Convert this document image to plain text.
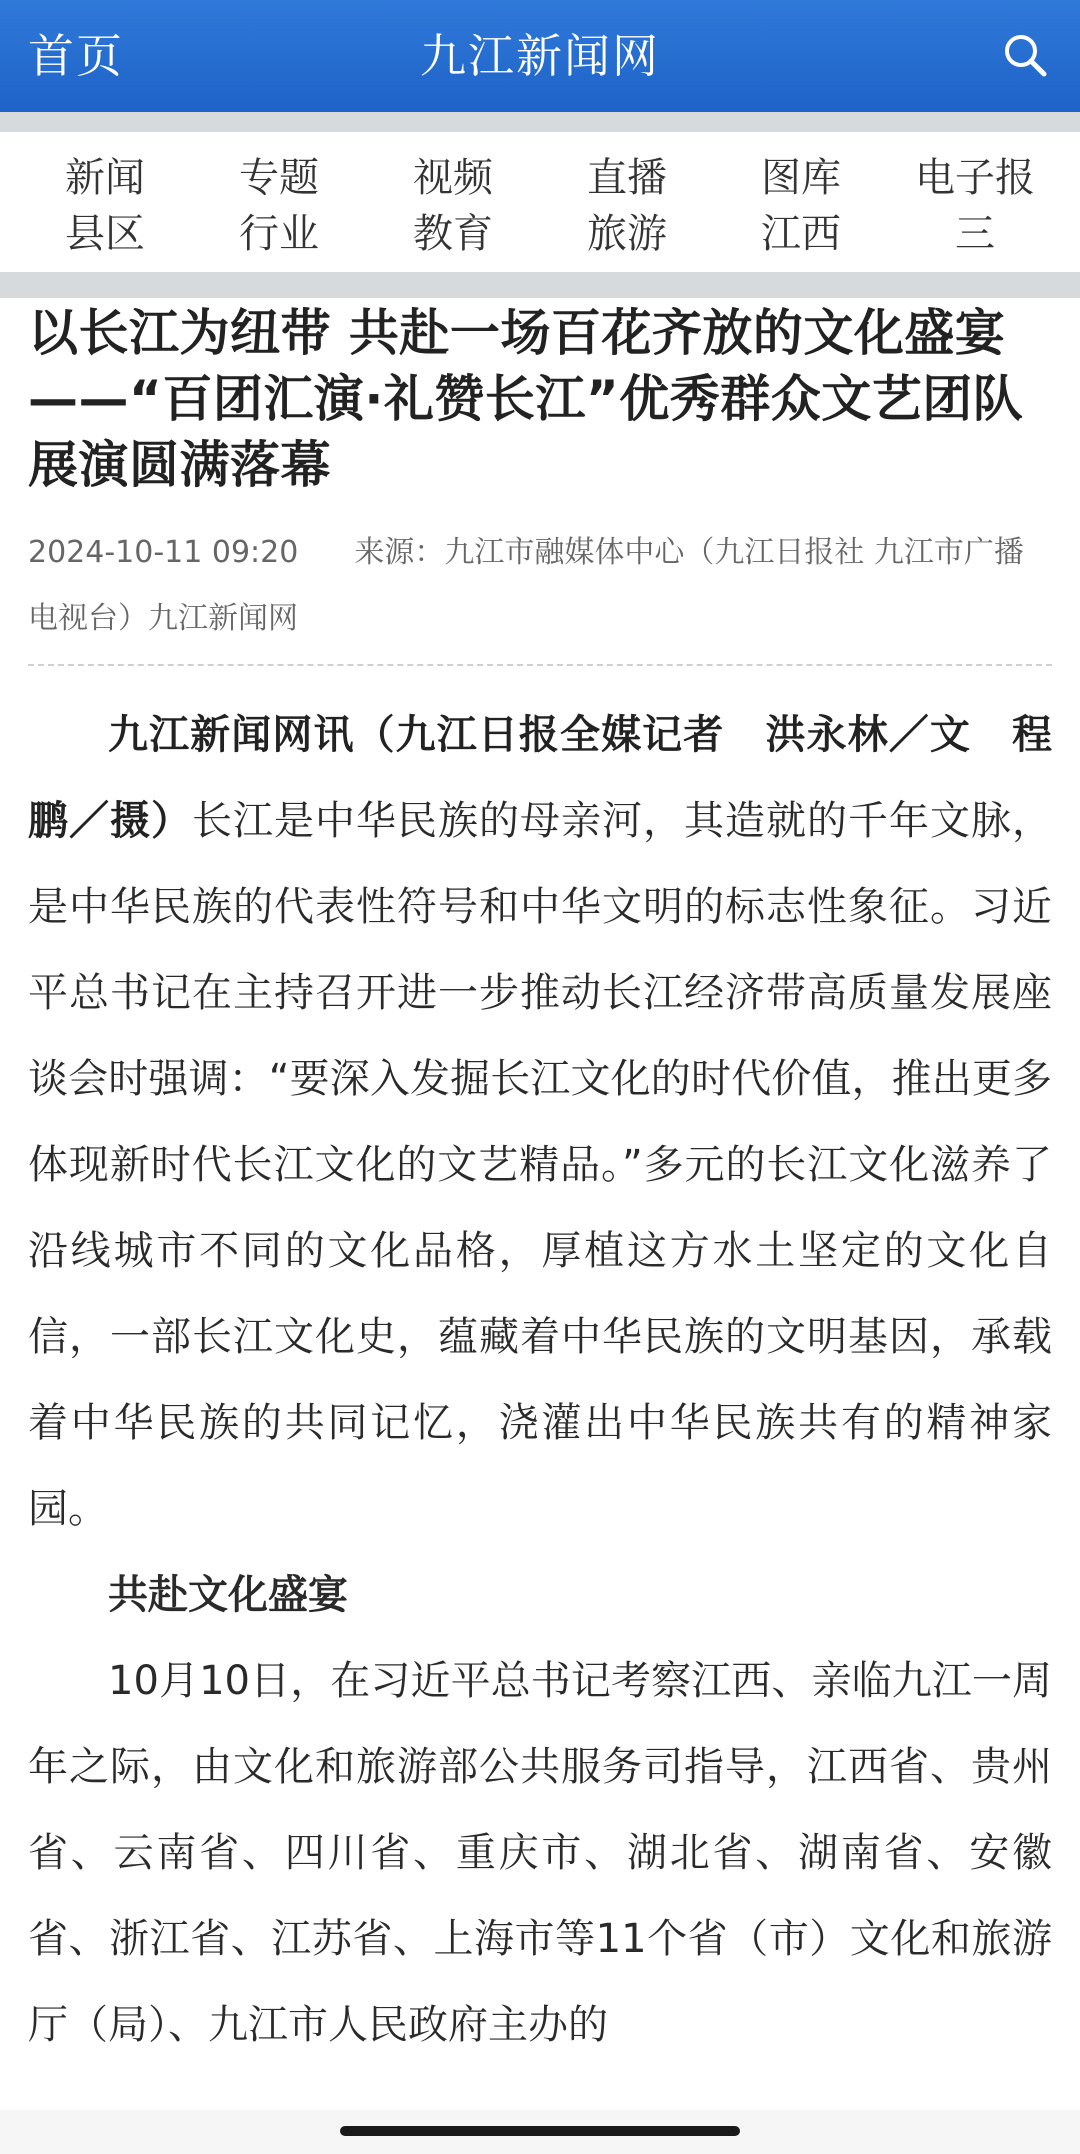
首页	九江新闻网
新闻	专题	视频	直播	图库	电子报
县区	行业	教育	旅游	江西	三
以长江为纽带 共赴一场百花齐放的文化盛宴——“百团汇演·礼赞长江”优秀群众文艺团队展演圆满落幕
2024-10-11 09:20 来源：九江市融媒体中心（九江日报社 九江市广播电视台）九江新闻网

九江新闻网讯（九江日报全媒记者　洪永林／文　程鹏／摄）长江是中华民族的母亲河，其造就的千年文脉，是中华民族的代表性符号和中华文明的标志性象征。习近平总书记在主持召开进一步推动长江经济带高质量发展座谈会时强调：“要深入发掘长江文化的时代价值，推出更多体现新时代长江文化的文艺精品。”多元的长江文化滋养了沿线城市不同的文化品格，厚植这方水土坚定的文化自信，一部长江文化史，蕴藏着中华民族的文明基因，承载着中华民族的共同记忆，浇灌出中华民族共有的精神家园。

共赴文化盛宴

10月10日，在习近平总书记考察江西、亲临九江一周年之际，由文化和旅游部公共服务司指导，江西省、贵州省、云南省、四川省、重庆市、湖北省、湖南省、安徽省、浙江省、江苏省、上海市等11个省（市）文化和旅游厅（局）、九江市人民政府主办的
